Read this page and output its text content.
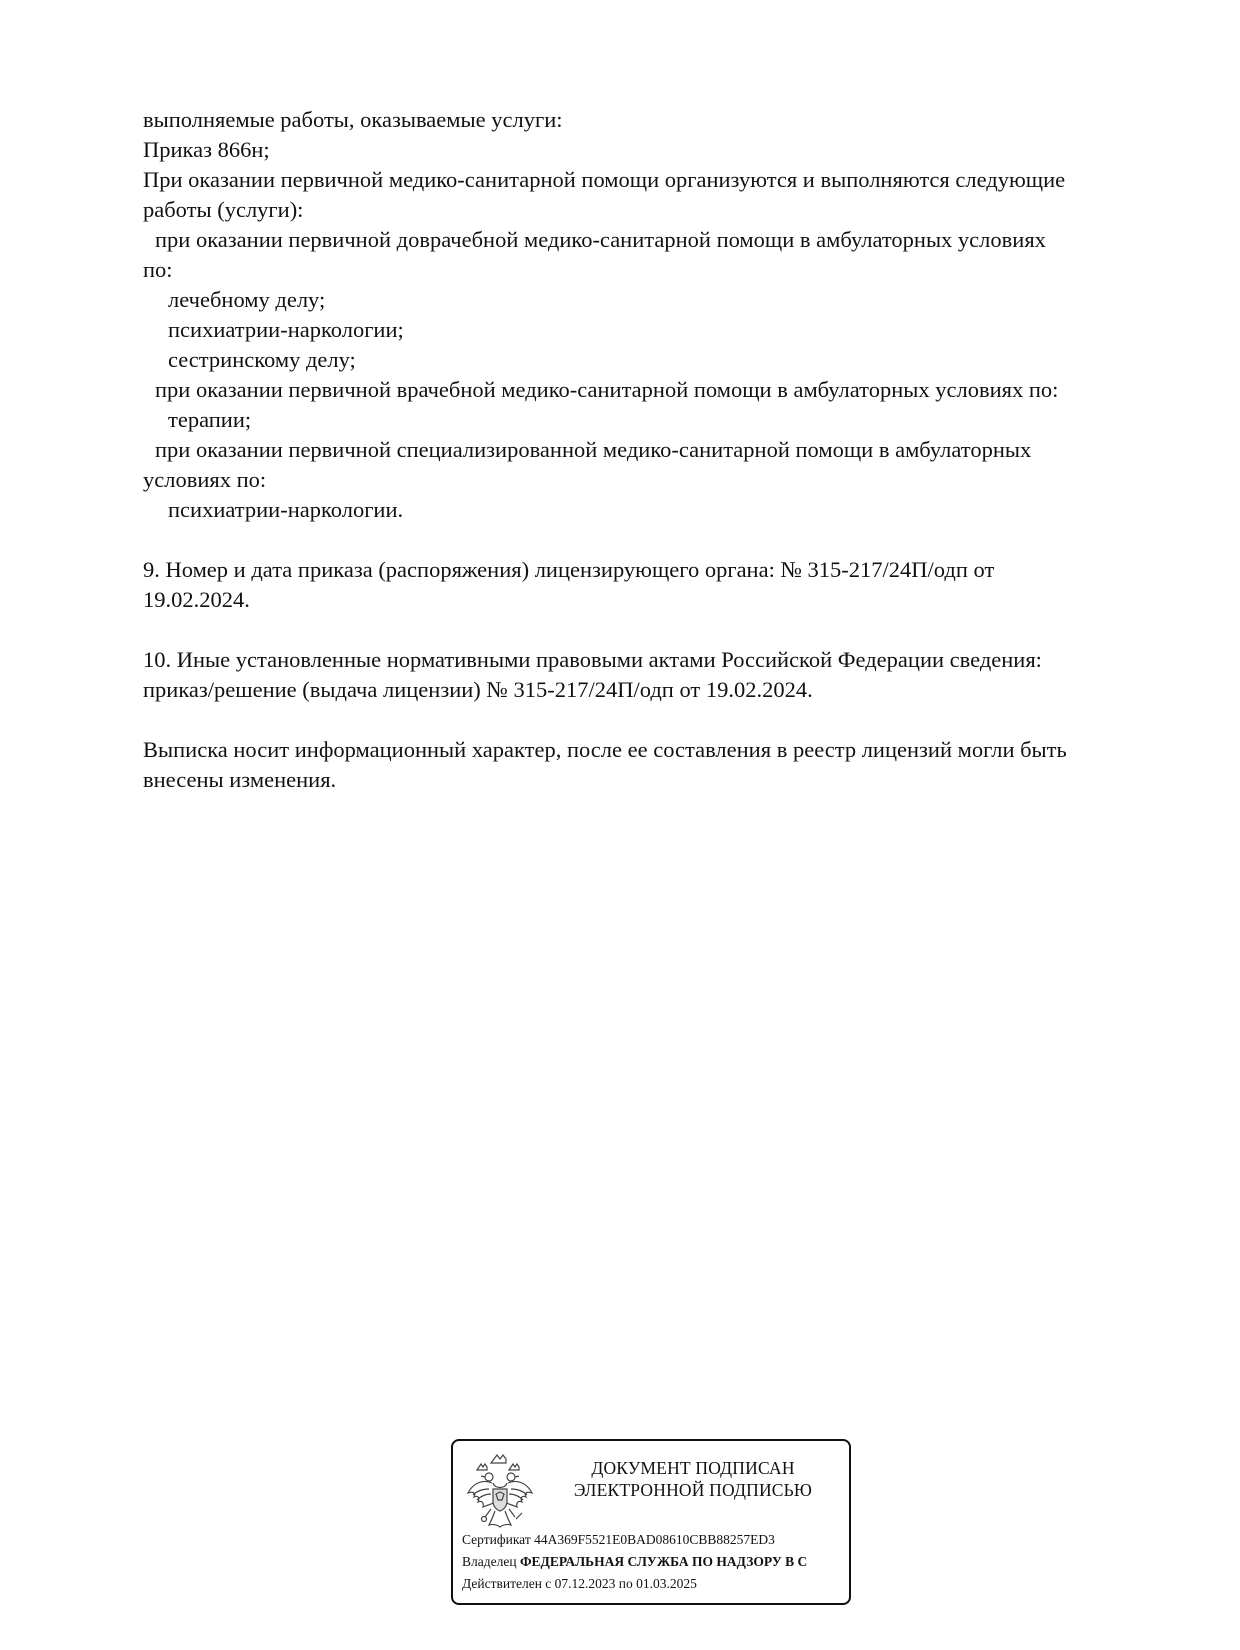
выполняемые работы, оказываемые услуги:
Приказ 866н;
При оказании первичной медико-санитарной помощи организуются и выполняются следующие
работы (услуги):
при оказании первичной доврачебной медико-санитарной помощи в амбулаторных условиях
по:
лечебному делу;
психиатрии-наркологии;
сестринскому делу;
при оказании первичной врачебной медико-санитарной помощи в амбулаторных условиях по:
терапии;
при оказании первичной специализированной медико-санитарной помощи в амбулаторных
условиях по:
психиатрии-наркологии.
9. Номер и дата приказа (распоряжения) лицензирующего органа: № 315-217/24П/одп от
19.02.2024.
10. Иные установленные нормативными правовыми актами Российской Федерации сведения:
приказ/решение (выдача лицензии) № 315-217/24П/одп от 19.02.2024.
Выписка носит информационный характер, после ее составления в реестр лицензий могли быть
внесены изменения.
ДОКУМЕНТ ПОДПИСАН
ЭЛЕКТРОННОЙ ПОДПИСЬЮ
Сертификат 44A369F5521E0BAD08610CBB88257ED3
Владелец ФЕДЕРАЛЬНАЯ СЛУЖБА ПО НАДЗОРУ В С
Действителен с 07.12.2023 по 01.03.2025
